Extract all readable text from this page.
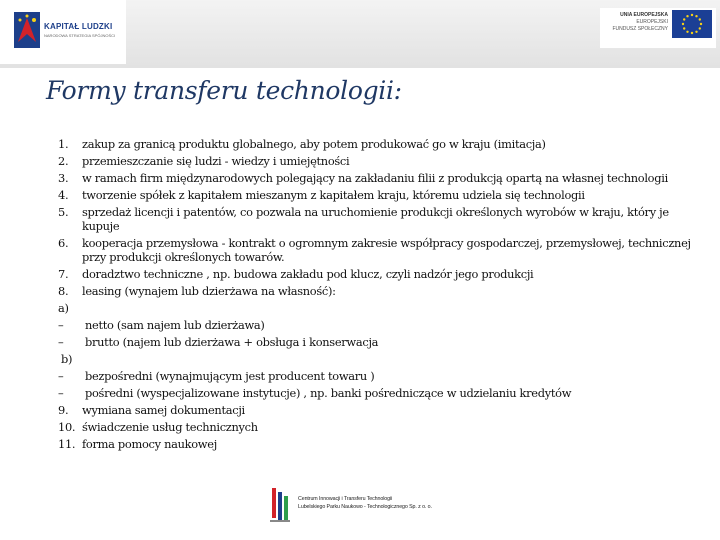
KAPITAŁ LUDZKI
NARODOWA STRATEGIA SPÓJNOŚCI
UNIA EUROPEJSKA
EUROPEJSKI
FUNDUSZ SPOŁECZNY
Formy transferu technologii:
1.	zakup za granicą produktu globalnego, aby potem produkować go w kraju (imitacja)
2.	przemieszczanie się ludzi - wiedzy i umiejętności
3.	w ramach firm międzynarodowych polegający na zakładaniu filii z produkcją opartą na własnej technologii
4.	tworzenie spółek z kapitałem mieszanym z kapitałem kraju, któremu udziela się technologii
5.	sprzedaż licencji i patentów, co pozwala na uruchomienie produkcji określonych wyrobów w kraju, który je kupuje
6.	kooperacja przemysłowa - kontrakt o ogromnym zakresie współpracy gospodarczej, przemysłowej, technicznej przy produkcji określonych towarów.
7.	doradztwo techniczne , np. budowa zakładu pod klucz, czyli nadzór jego produkcji
8.	leasing (wynajem lub dzierżawa na własność):
a)
–	netto (sam najem lub dzierżawa)
–	brutto (najem lub dzierżawa + obsługa i konserwacja
b)
–	bezpośredni (wynajmującym jest producent towaru )
–	pośredni (wyspecjalizowane instytucje) , np. banki pośredniczące w udzielaniu kredytów
9.	wymiana samej dokumentacji
10. świadczenie usług technicznych
11. forma pomocy naukowej
Centrum Innowacji i Transferu Technologii
Lubelskiego Parku Naukowo - Technologicznego Sp. z o. o.
